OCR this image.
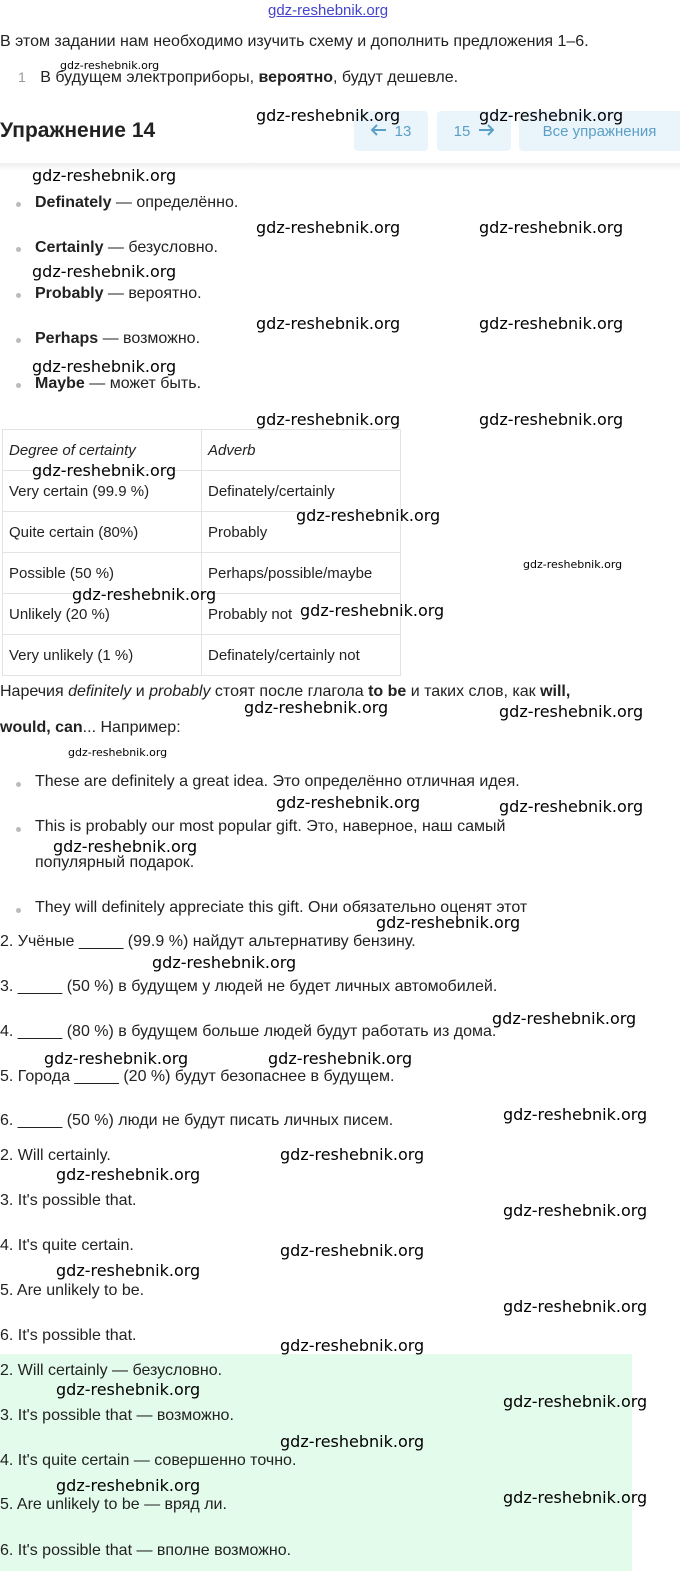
gdz-reshebnik.org
В этом задании нам необходимо изучить схему и дополнить предложения 1–6.
1 В будущем электроприборы, вероятно, будут дешевле.
Упражнение 14	13	15	Все упражнения
Definately — определённо.
Certainly — безусловно.
Probably — вероятно.
Perhaps — возможно.
Maybe — может быть.
Degree of certainty	Adverb
Very certain (99.9 %)	Definately/certainly
Quite certain (80%)	Probably
Possible (50 %)	Perhaps/possible/maybe
Unlikely (20 %)	Probably not
Very unlikely (1 %)	Definately/certainly not
Наречия definitely и probably стоят после глагола to be и таких слов, как will,
would, can... Например:
These are definitely a great idea. Это определённо отличная идея.
This is probably our most popular gift. Это, наверное, наш самый
популярный подарок.
They will definitely appreciate this gift. Они обязательно оценят этот
2. Учёные _____ (99.9 %) найдут альтернативу бензину.
3. _____ (50 %) в будущем у людей не будет личных автомобилей.
4. _____ (80 %) в будущем больше людей будут работать из дома.
5. Города _____ (20 %) будут безопаснее в будущем.
6. _____ (50 %) люди не будут писать личных писем.
2. Will certainly.
3. It's possible that.
4. It's quite certain.
5. Are unlikely to be.
6. It's possible that.
2. Will certainly — безусловно.
3. It's possible that — возможно.
4. It's quite certain — совершенно точно.
5. Are unlikely to be — вряд ли.
6. It's possible that — вполне возможно.
gdz-reshebnik.org
gdz-reshebnik.org	gdz-reshebnik.org
gdz-reshebnik.org
gdz-reshebnik.org	gdz-reshebnik.org
gdz-reshebnik.org
gdz-reshebnik.org	gdz-reshebnik.org
gdz-reshebnik.org
gdz-reshebnik.org	gdz-reshebnik.org
gdz-reshebnik.org
gdz-reshebnik.org
gdz-reshebnik.org
gdz-reshebnik.org
gdz-reshebnik.org
gdz-reshebnik.org	gdz-reshebnik.org
gdz-reshebnik.org
gdz-reshebnik.org	gdz-reshebnik.org
gdz-reshebnik.org
gdz-reshebnik.org
gdz-reshebnik.org
gdz-reshebnik.org
gdz-reshebnik.org	gdz-reshebnik.org
gdz-reshebnik.org
gdz-reshebnik.org
gdz-reshebnik.org
gdz-reshebnik.org
gdz-reshebnik.org
gdz-reshebnik.org
gdz-reshebnik.org
gdz-reshebnik.org
gdz-reshebnik.org
gdz-reshebnik.org
gdz-reshebnik.org
gdz-reshebnik.org
gdz-reshebnik.org
